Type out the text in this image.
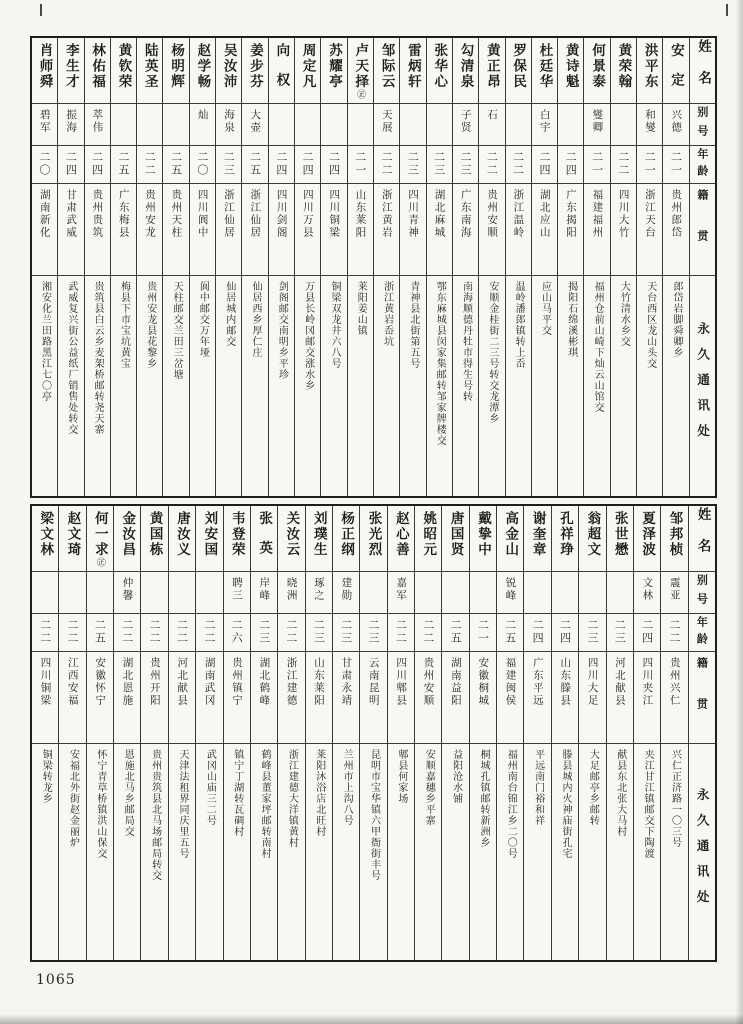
姓名
别号
年龄
籍贯
永久通讯处
安定
兴德
二一
贵州郎岱
郎岱岩脚舜卿乡
洪平东
和燮
二一
浙江天台
天台西区龙山头交
黄荣翰
二二
四川大竹
大竹清水乡交
何景泰
燮卿
二一
福建福州
福州仓前山崎下灿云山馆交
黄诗魁
二四
广东揭阳
揭阳石绵溪彬琪
杜廷华
白宇
二四
湖北应山
应山马平交
罗保民
二二
浙江温岭
温岭潘郎镇转上岙
黄正昂
石
二二
贵州安顺
安顺金桂街二三号转交龙潭乡
勾清泉
子贤
二三
广东南海
南海顺德丹牡市得生号转
张华心
二三
湖北麻城
鄂东麻城县闵家集邮转邹家牌楼交
雷炳轩
二三
四川青神
青神县北街第五号
邹际云
天展
二二
浙江黄岩
浙江黄岩岙坑
卢天择㊣
二一
山东莱阳
莱阳姜山镇
苏耀亭
二四
四川铜梁
铜梁双龙井六八号
周定凡
二四
四川万县
万县长岭冈邮交涨水乡
向权
二四
四川剑阁
剑阁邮交南明乡平珍
姜步芬
大壶
二五
浙江仙居
仙居西乡厚仁庄
吴汝沛
海泉
二三
浙江仙居
仙居城内邮交
赵学畅
灿
二〇
四川阆中
阆中邮交万年垭
杨明辉
二五
贵州天柱
天柱邮交兰田三岔塘
陆英圣
二二
贵州安龙
贵州安龙县花黎乡
黄钦荣
二五
广东梅县
梅县下市宝坑黄宝
林佑福
萃伟
二四
贵州贵筑
贵筑县白云乡麦架桥邮转尧天寨
李生才
振海
二四
甘肃武威
武威复兴街公益纸厂销售处转交
肖师舜
碧军
二〇
湖南新化
湘安化兰田路黑江七〇亭
姓名
别号
年龄
籍贯
永久通讯处
邹邦桢
震亚
二二
贵州兴仁
兴仁正济路一〇三号
夏泽波
文林
二四
四川夹江
夹江甘江镇邮交下陶渡
张世懋
二三
河北献县
献县东北张大马村
翁超文
二三
四川大足
大足邮亭乡邮转
孔祥琤
二四
山东滕县
滕县城内火神庙街孔宅
谢奎章
二四
广东平远
平远南门裕和祥
高金山
锐峰
二五
福建闽侯
福州南台锦江乡二〇号
戴挚中
二一
安徽桐城
桐城孔镇邮转新洲乡
唐国贤
二五
湖南益阳
益阳沧水铺
姚昭元
二二
贵州安顺
安顺嘉穗乡平寨
赵心善
嘉军
二二
四川郫县
郫县何家场
张光烈
二三
云南昆明
昆明市宝华镇六甲衙街丰号
杨正纲
建勋
二三
甘肃永靖
兰州市上沟八号
刘璞生
琢之
二三
山东莱阳
莱阳沐浴店北旺村
关汝云
晓洲
二二
浙江建德
浙江建德大洋镇黄村
张英
岸峰
二三
湖北鹤峰
鹤峰县董家坪邮转南村
韦登荣
聘三
二六
贵州镇宁
镇宁丁湖转瓦碉村
刘安国
二二
湖南武冈
武冈山庙三二号
唐汝义
二二
河北献县
天津法租界同庆里五号
黄国栋
二二
贵州开阳
贵州贵筑县北马场邮局转交
金汝昌
仲馨
二二
湖北恩施
恩施北马乡邮局交
何一求㊣
二五
安徽怀宁
怀宁青草桥镇洪山保交
赵文琦
二二
江西安福
安福北外街赵金丽炉
梁文林
二二
四川铜梁
铜梁转龙乡
1065
